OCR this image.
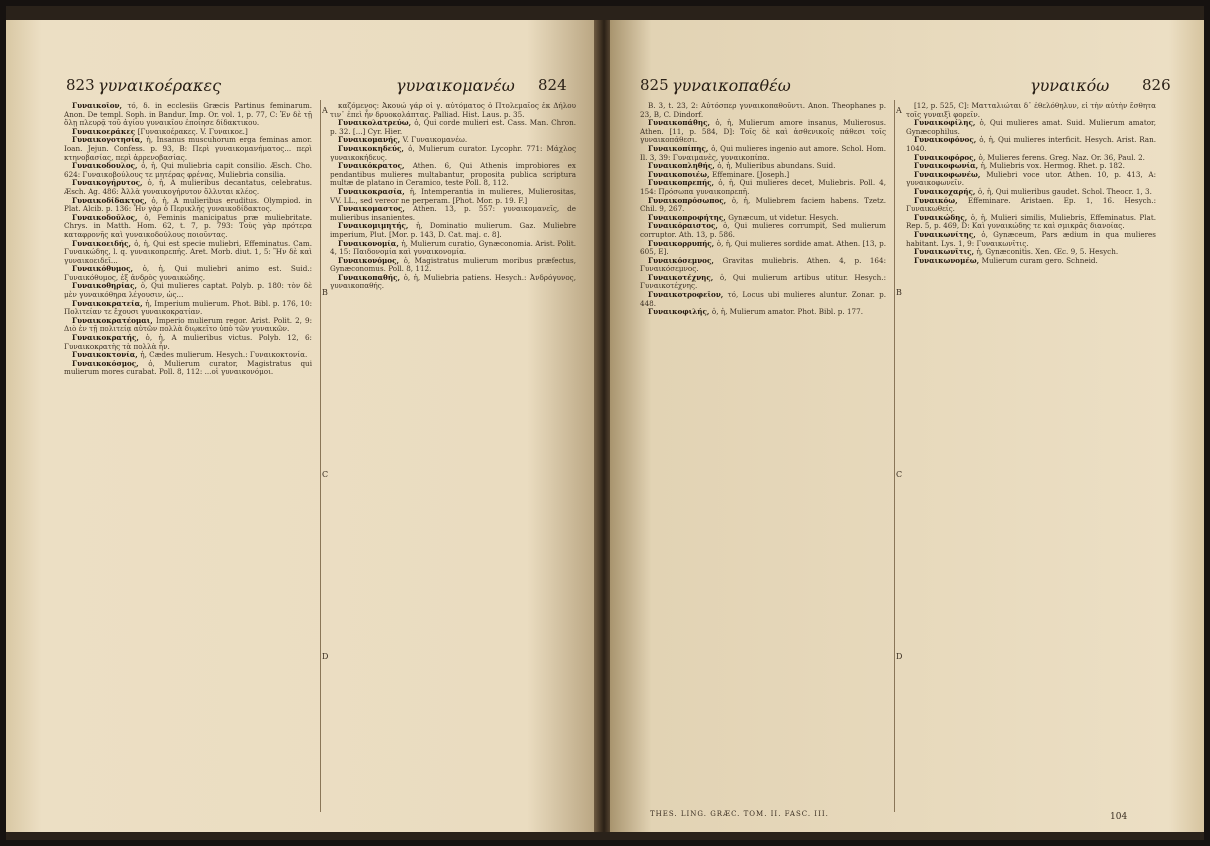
823 γυναικοέρακες	γυναικομανέω 824

Γυναικοῖον, τό, δ. in ecclesiis Græcis Partinus feminarum. Anon. De templ. Soph. in Bandur. Imp. Or. vol. 1, p. 77, C: Ἐν δὲ τῇ ὅλῃ πλευρᾷ τοῦ ἁγίου γυναικῖου ἐποίησε δίδακτικου.

Γυναικοεράκες [Γυναικοέρακες. V. Γυναικοε.]

Γυναικογοτησία, ἡ, Insanus muscuhorum erga feminas amor. Ioan. Jejun. Confess. p. 93, B: Περὶ γυναικομανήματος... περὶ κτηνοβασίας, περὶ ἀρρενοβασίας.

Γυναικοδουλος, ὁ, ἡ, Qui muliebria capit consilio. Æsch. Cho. 624: Γυναικοβούλους τε μητέρας φρένας, Muliebria consilia.

Γυναικογήρυτος, ὁ, ἡ, A mulieribus decantatus, celebratus. Æsch. Ag. 486: Ἀλλὰ γυναικογήρυτον ὄλλυται κλέος.

Γυναικοδίδακτος, ὁ, ἡ, A mulieribus eruditus. Olympiod. in Plat. Alcib. p. 136: Ἦν γὰρ ὁ Περικλῆς γυναικοδίδακτος.

Γυναικοδοῦλος, ὁ, Feminis manicipatus præ muliebritate. Chrys. in Matth. Hom. 62, t. 7, p. 793: Τοὺς γὰρ πρότερα καταφρονῆς καὶ γυναικοδούλους ποιοῦντας.

Γυναικοειδής, ὁ, ἡ, Qui est specie muliebri, Effeminatus. Cam. Γυναικώδης, l. q. γυναικοπρεπής. Aret. Morb. diut. 1, 5: Ἢν δὲ καὶ γυναικοειδεῖ...

Γυναικόθυμος, ὁ, ἡ, Qui muliebri animo est. Suid.: Γυναικόθυμος, ἐξ ἀνδρὸς γυναικώδης.

Γυναικοθηρίας, ὁ, Qui mulieres captat. Polyb. p. 180: τὸν δὲ μὲν γυναικόθηρα λέγουσιν, ὡς...

Γυναικοκρατεία, ἡ, Imperium mulierum. Phot. Bibl. p. 176, 10: Πολιτείαν τε ἔχουσι γυναικοκρατίαν.

Γυναικοκρατέομαι, Imperio mulierum regor. Arist. Polit. 2, 9: Διὸ ἐν τῇ πολιτείᾳ αὐτῶν πολλὰ διῳκεῖτο ὑπὸ τῶν γυναικῶν.

Γυναικοκρατής, ὁ, ἡ, A mulieribus victus. Polyb. 12, 6: Γυναικοκρατὴς τὰ πολλὰ ἦν.

Γυναικοκτονία, ἡ, Cædes mulierum. Hesych.: Γυναικοκτονία.

Γυναικοκόσμος, ὁ, Mulierum curator, Magistratus qui mulierum mores curabat. Poll. 8, 112: ...οἱ γυναικονόμοι.

καζόμενος: Ἀκουώ γάρ οἱ γ. αὐτόματος ὁ Πτολεμαῖος ἐκ Δήλου τιν᾽ ἐπεὶ ἦν δρυοκολάπτας. Palliad. Hist. Laus. p. 35.

Γυναικολατρεύω, ὁ, Qui corde mulieri est. Cass. Man. Chron. p. 32. [...] Cyr. Hier.

Γυναικομανής, V. Γυναικομανέω.

Γυναικοκηδεύς, ὁ, Mulierum curator. Lycophr. 771: Μάχλος γυναικοκήδευς.

Γυναικόκρατος, Athen. 6, Qui Athenis improbiores ex pendantibus mulieres multabantur, proposita publica scriptura multæ de platano in Ceramico, teste Poll. 8, 112.

Γυναικοκρασία, ἡ, Intemperantia in mulieres, Mulierositas, VV. LL., sed vereor ne perperam. [Phot. Mor. p. 19. F.]

Γυναικομαστος, Athen. 13, p. 557: γυναικομανεῖς, de mulieribus insanientes.

Γυναικομιμητής, ἡ, Dominatio mulierum. Gaz. Muliebre imperium, Plut. [Mor. p. 143, D. Cat. maj. c. 8].

Γυναικονομία, ἡ, Mulierum curatio, Gynæconomia. Arist. Polit. 4, 15: Παιδονομία καὶ γυναικονομία.

Γυναικονόμος, ὁ, Magistratus mulierum moribus præfectus, Gynæconomus. Poll. 8, 112.

Γυναικοπαθής, ὁ, ἡ, Muliebria patiens. Hesych.: Ἀνδρόγυνος, γυναικοπαθής.

A
B
C
D
825 γυναικοπαθέω	γυναικόω 826

B. 3, t. 23, 2: Αὐτόσπερ γυναικοπαθοῦντι. Anon. Theophanes p. 23, B, C. Dindorf.

Γυναικοπάθης, ὁ, ἡ, Mulierum amore insanus, Mulierosus. Athen. [11, p. 584, D]: Τοῖς δὲ καὶ ἀσθενικοῖς πάθεσι τοῖς γυναικοπάθεσι.

Γυναικοπίπης, ὁ, Qui mulieres ingenio aut amore. Schol. Hom. Il. 3, 39: Γυναιμανὲς, γυναικοπίπα.

Γυναικοπληθής, ὁ, ἡ, Mulieribus abundans. Suid.

Γυναικοποιέω, Effeminare. [Joseph.]

Γυναικοπρεπής, ὁ, ἡ, Qui mulieres decet, Muliebris. Poll. 4, 154: Πρόσωπα γυναικοπρεπῆ.

Γυναικοπρόσωπος, ὁ, ἡ, Muliebrem faciem habens. Tzetz. Chil. 9, 267.

Γυναικοπροφήτης, Gynæcum, ut videtur. Hesych.

Γυναικόραιστος, ὁ, Qui mulieres corrumpit, Sed mulierum corruptor. Ath. 13, p. 586.

Γυναικορρυπής, ὁ, ἡ, Qui mulieres sordide amat. Athen. [13, p. 605, E].

Γυναικόσεμνος, Gravitas muliebris. Athen. 4, p. 164: Γυναικόσεμνος.

Γυναικοτέχνης, ὁ, Qui mulierum artibus utitur. Hesych.: Γυναικοτέχνης.

Γυναικοτροφεῖον, τό, Locus ubi mulieres aluntur. Zonar. p. 448.

Γυναικοφιλής, ὁ, ἡ, Mulierum amator. Phot. Bibl. p. 177.

[12, p. 525, C]: Ματταλιώται δ᾽ ἐθελόθηλυν, εἰ τὴν αὐτὴν ἔσθητα τοῖς γυναιξὶ φορεῖν.

Γυναικοφίλης, ὁ, Qui mulieres amat. Suid. Mulierum amator, Gynæcophilus.

Γυναικοφόνος, ὁ, ἡ, Qui mulieres interficit. Hesych. Arist. Ran. 1040.

Γυναικοφόρος, ὁ, Mulieres ferens. Greg. Naz. Or. 36, Paul. 2.

Γυναικοφωνία, ἡ, Muliebris vox. Hermog. Rhet. p. 182.

Γυναικοφωνέω, Muliebri voce utor. Athen. 10, p. 413, A: γυναικοφωνεῖν.

Γυναικοχαρής, ὁ, ἡ, Qui mulieribus gaudet. Schol. Theocr. 1, 3.

Γυναικόω, Effeminare. Aristaen. Ep. 1, 16. Hesych.: Γυναικωθείς.

Γυναικώδης, ὁ, ἡ, Mulieri similis, Muliebris, Effeminatus. Plat. Rep. 5, p. 469, D: Καὶ γυναικώδης τε καὶ σμικρᾶς διανοίας.

Γυναικωνίτης, ὁ, Gynæceum, Pars ædium in qua mulieres habitant. Lys. 1, 9: Γυναικωνῖτις.

Γυναικωνῖτις, ἡ, Gynæconitis. Xen. Œc. 9, 5. Hesych.

Γυναικωνομέω, Mulierum curam gero. Schneid.

A
B
C
D
THES. LING. GRÆC. TOM. II. FASC. III.	104
